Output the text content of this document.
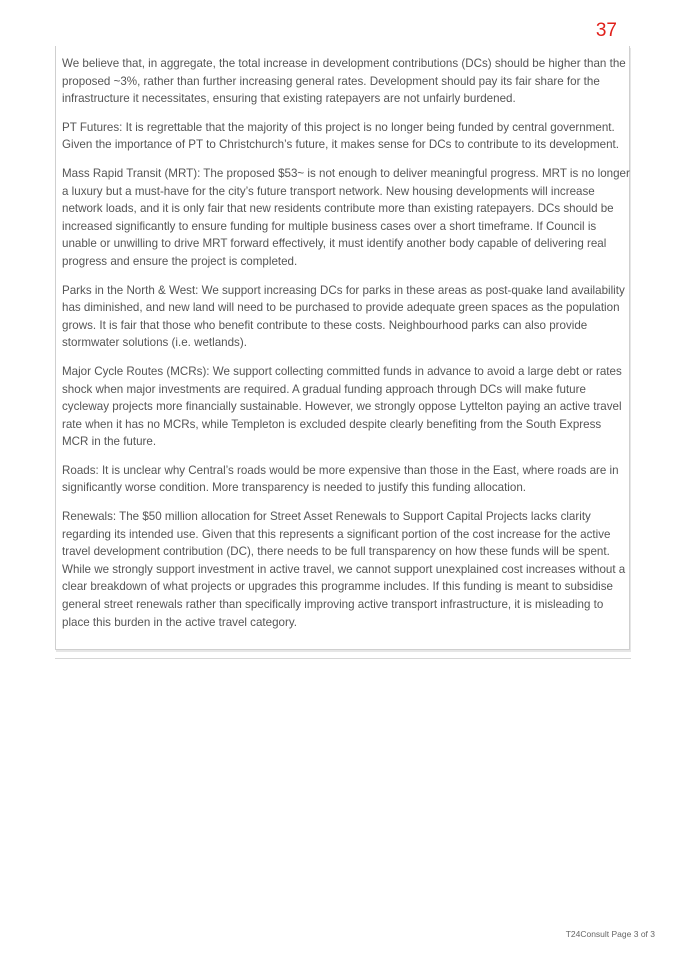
37

We believe that, in aggregate, the total increase in development contributions (DCs) should be higher than the proposed ~3%, rather than further increasing general rates. Development should pay its fair share for the infrastructure it necessitates, ensuring that existing ratepayers are not unfairly burdened.

PT Futures: It is regrettable that the majority of this project is no longer being funded by central government. Given the importance of PT to Christchurch’s future, it makes sense for DCs to contribute to its development.

Mass Rapid Transit (MRT): The proposed $53~ is not enough to deliver meaningful progress. MRT is no longer a luxury but a must-have for the city’s future transport network. New housing developments will increase network loads, and it is only fair that new residents contribute more than existing ratepayers. DCs should be increased significantly to ensure funding for multiple business cases over a short timeframe. If Council is unable or unwilling to drive MRT forward effectively, it must identify another body capable of delivering real progress and ensure the project is completed.

Parks in the North & West: We support increasing DCs for parks in these areas as post-quake land availability has diminished, and new land will need to be purchased to provide adequate green spaces as the population grows. It is fair that those who benefit contribute to these costs. Neighbourhood parks can also provide stormwater solutions (i.e. wetlands).

Major Cycle Routes (MCRs): We support collecting committed funds in advance to avoid a large debt or rates shock when major investments are required. A gradual funding approach through DCs will make future cycleway projects more financially sustainable. However, we strongly oppose Lyttelton paying an active travel rate when it has no MCRs, while Templeton is excluded despite clearly benefiting from the South Express MCR in the future.

Roads: It is unclear why Central’s roads would be more expensive than those in the East, where roads are in significantly worse condition. More transparency is needed to justify this funding allocation.

Renewals: The $50 million allocation for Street Asset Renewals to Support Capital Projects lacks clarity regarding its intended use. Given that this represents a significant portion of the cost increase for the active travel development contribution (DC), there needs to be full transparency on how these funds will be spent. While we strongly support investment in active travel, we cannot support unexplained cost increases without a clear breakdown of what projects or upgrades this programme includes. If this funding is meant to subsidise general street renewals rather than specifically improving active transport infrastructure, it is misleading to place this burden in the active travel category.

T24Consult Page 3 of 3
